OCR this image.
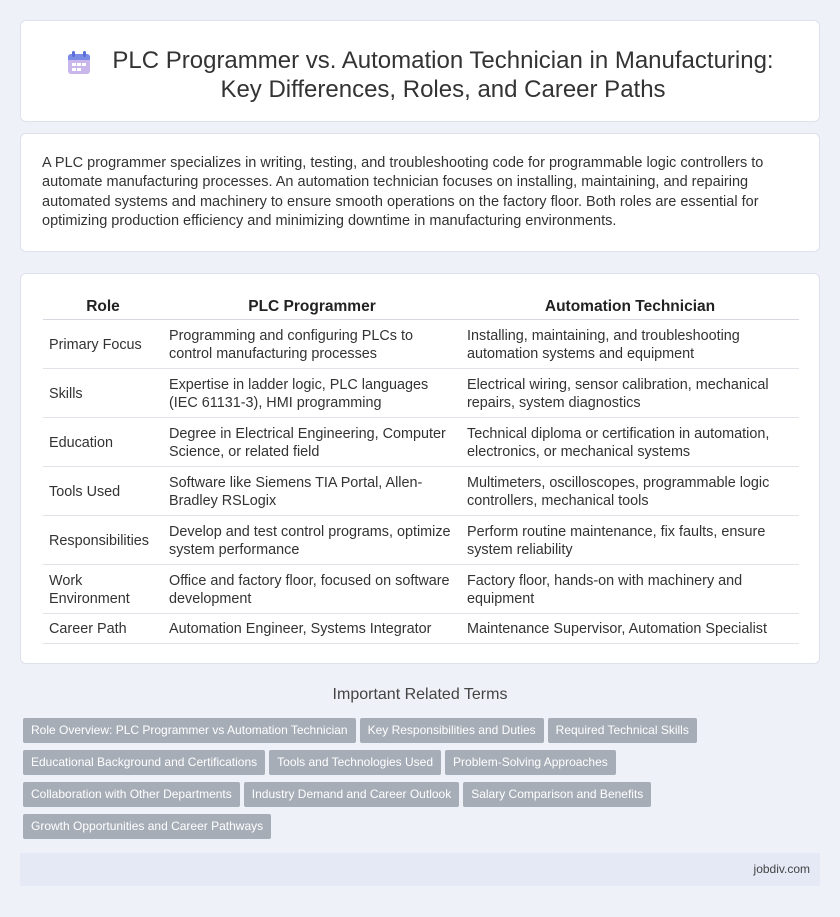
PLC Programmer vs. Automation Technician in Manufacturing:
Key Differences, Roles, and Career Paths

A PLC programmer specializes in writing, testing, and troubleshooting code for programmable logic controllers to automate manufacturing processes. An automation technician focuses on installing, maintaining, and repairing automated systems and machinery to ensure smooth operations on the factory floor. Both roles are essential for optimizing production efficiency and minimizing downtime in manufacturing environments.

Role	PLC Programmer	Automation Technician
Primary Focus	Programming and configuring PLCs to control manufacturing processes	Installing, maintaining, and troubleshooting automation systems and equipment
Skills	Expertise in ladder logic, PLC languages (IEC 61131-3), HMI programming	Electrical wiring, sensor calibration, mechanical repairs, system diagnostics
Education	Degree in Electrical Engineering, Computer Science, or related field	Technical diploma or certification in automation, electronics, or mechanical systems
Tools Used	Software like Siemens TIA Portal, Allen-Bradley RSLogix	Multimeters, oscilloscopes, programmable logic controllers, mechanical tools
Responsibilities	Develop and test control programs, optimize system performance	Perform routine maintenance, fix faults, ensure system reliability
Work Environment	Office and factory floor, focused on software development	Factory floor, hands-on with machinery and equipment
Career Path	Automation Engineer, Systems Integrator	Maintenance Supervisor, Automation Specialist
Important Related Terms
Role Overview: PLC Programmer vs Automation Technician Key Responsibilities and Duties Required Technical Skills
Educational Background and Certifications Tools and Technologies Used Problem-Solving Approaches
Collaboration with Other Departments Industry Demand and Career Outlook Salary Comparison and Benefits
Growth Opportunities and Career Pathways
jobdiv.com
